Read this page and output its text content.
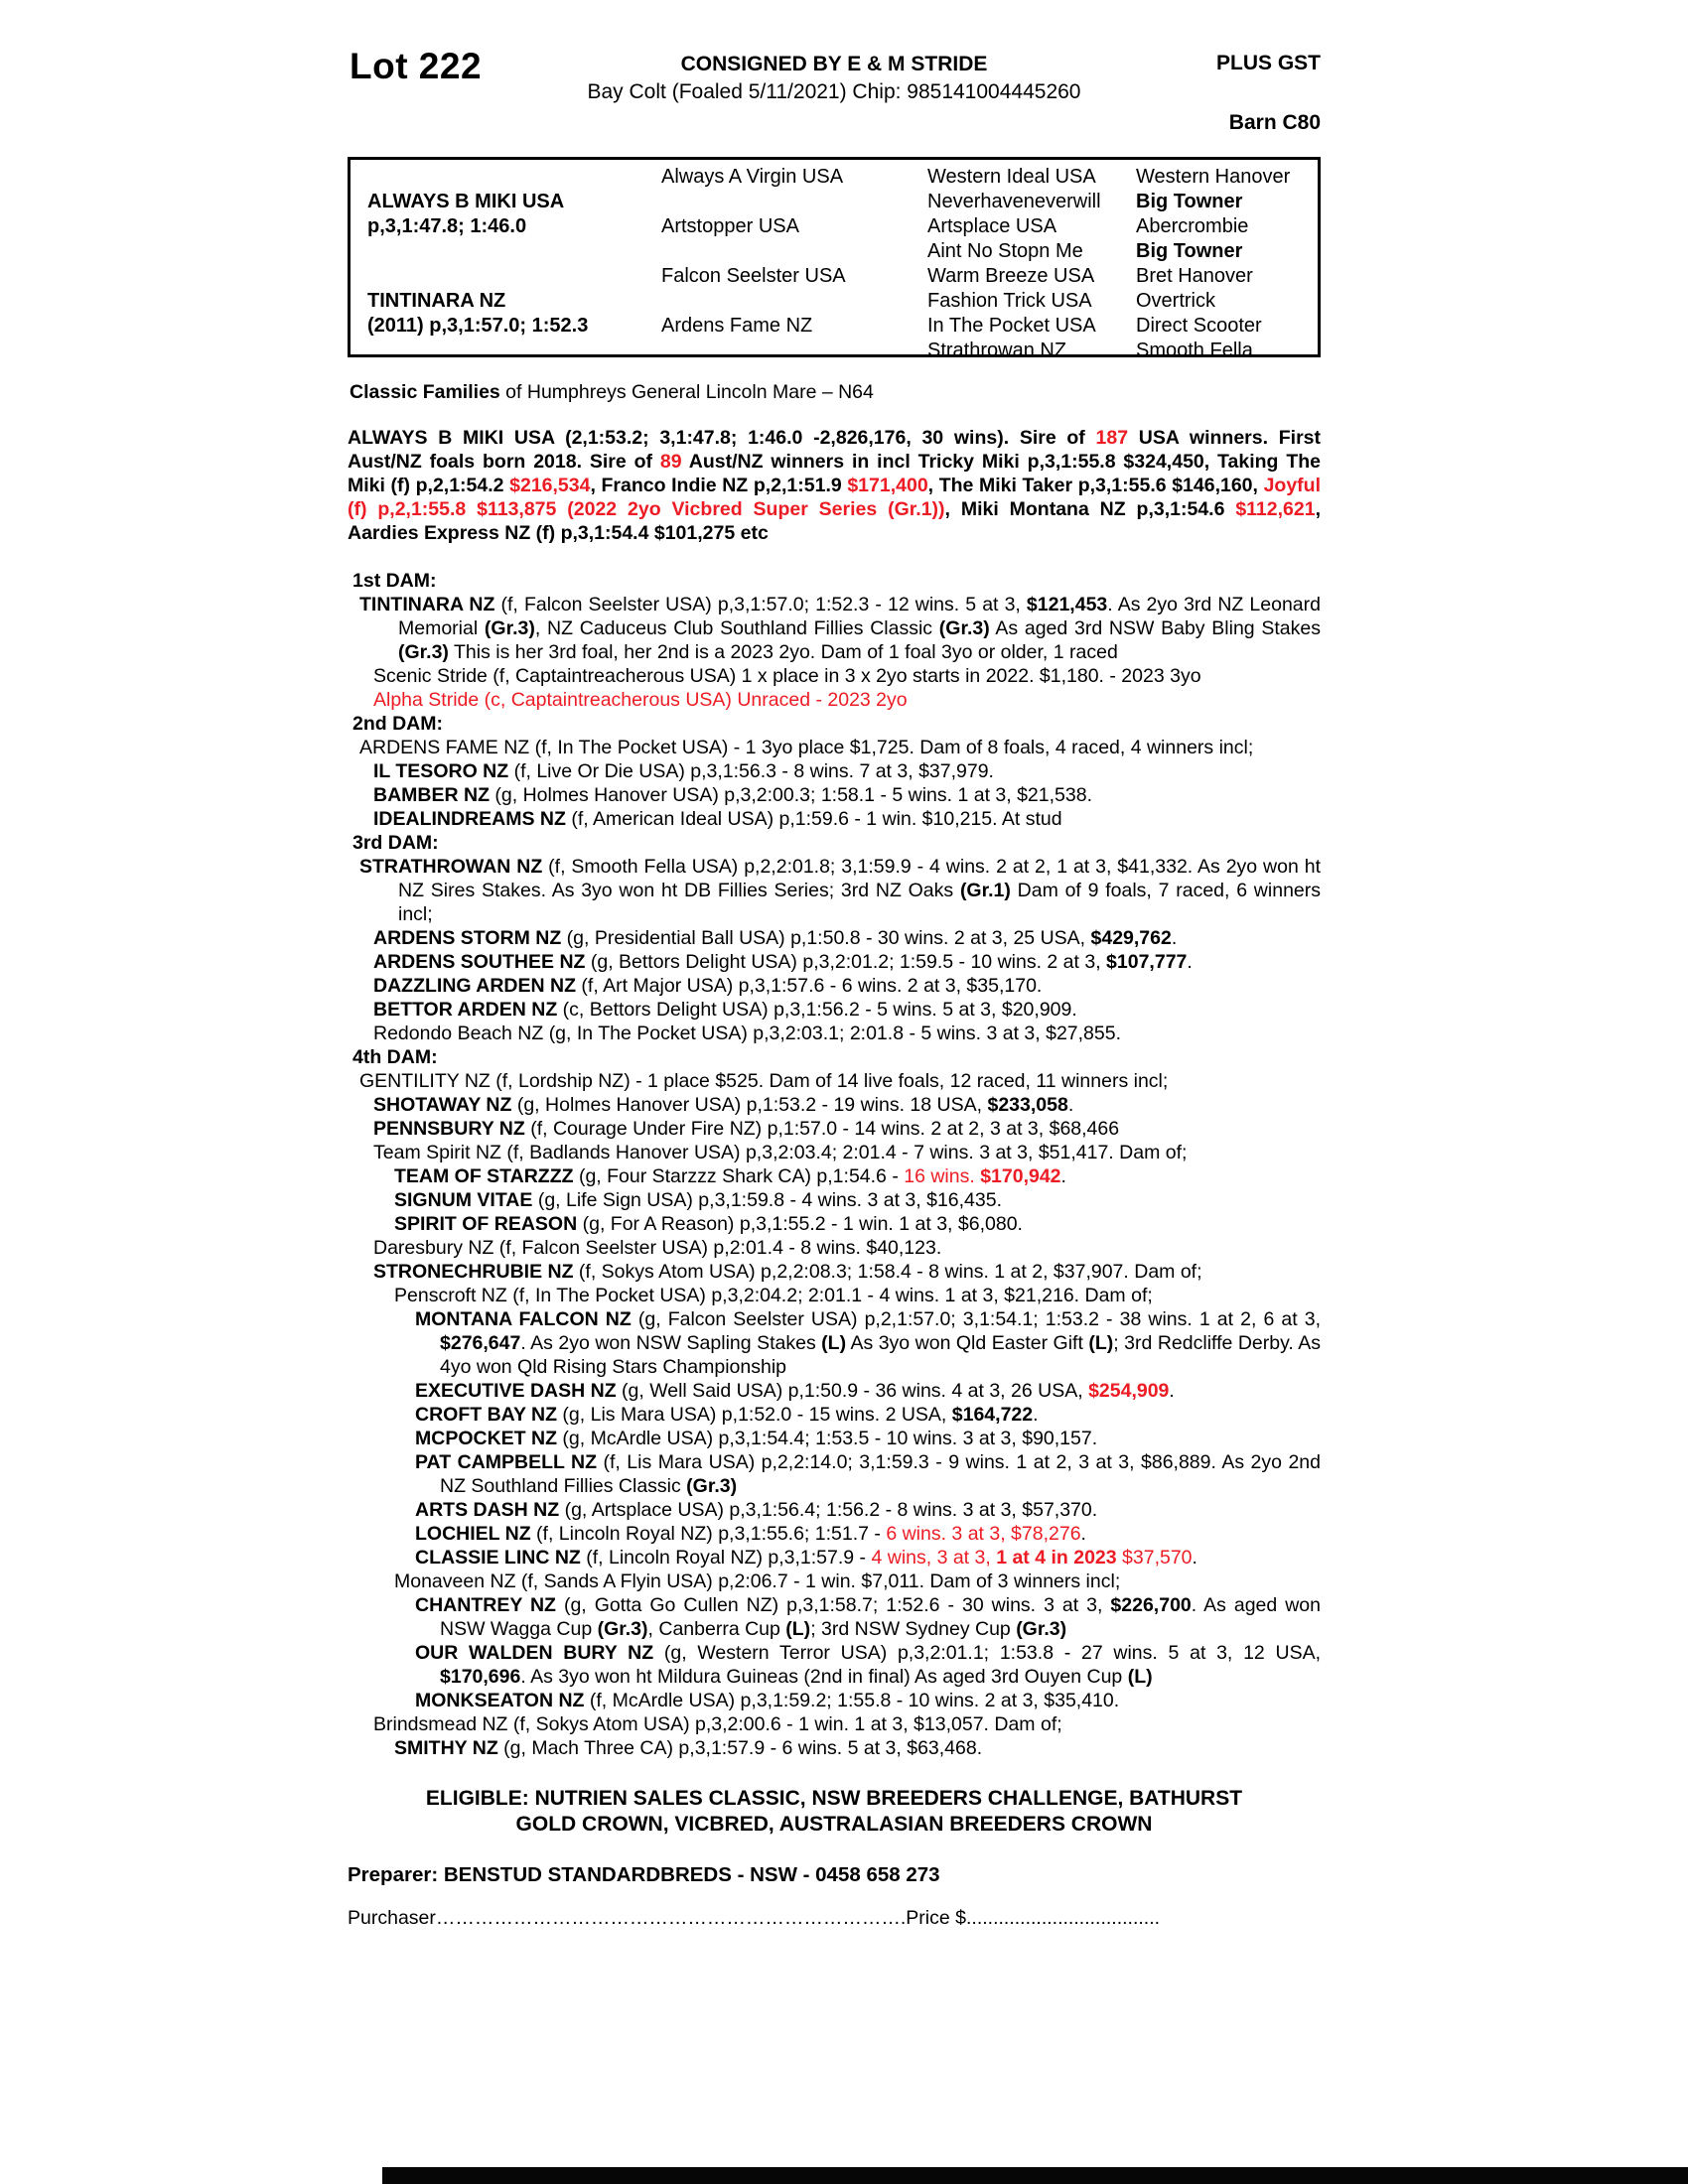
Lot 222	CONSIGNED BY E & M STRIDE	PLUS GST
Bay Colt (Foaled 5/11/2021) Chip: 985141004445260
Barn C80
ALWAYS B MIKI USA
p,3,1:47.8; 1:46.0
TINTINARA NZ
(2011) p,3,1:57.0; 1:52.3
Always A Virgin USA
Artstopper USA
Falcon Seelster USA
Ardens Fame NZ
Western Ideal USA
Neverhaveneverwill
Artsplace USA
Aint No Stopn Me
Warm Breeze USA
Fashion Trick USA
In The Pocket USA
Strathrowan NZ
Western Hanover
Big Towner
Abercrombie
Big Towner
Bret Hanover
Overtrick
Direct Scooter
Smooth Fella

Classic Families of Humphreys General Lincoln Mare – N64

ALWAYS B MIKI USA (2,1:53.2; 3,1:47.8; 1:46.0 -2,826,176, 30 wins). Sire of 187 USA winners. First Aust/NZ foals born 2018. Sire of 89 Aust/NZ winners in incl Tricky Miki p,3,1:55.8 $324,450, Taking The Miki (f) p,2,1:54.2 $216,534, Franco Indie NZ p,2,1:51.9 $171,400, The Miki Taker p,3,1:55.6 $146,160, Joyful (f) p,2,1:55.8 $113,875 (2022 2yo Vicbred Super Series (Gr.1)), Miki Montana NZ p,3,1:54.6 $112,621, Aardies Express NZ (f) p,3,1:54.4 $101,275 etc

1st DAM:

TINTINARA NZ (f, Falcon Seelster USA) p,3,1:57.0; 1:52.3 - 12 wins. 5 at 3, $121,453. As 2yo 3rd NZ Leonard Memorial (Gr.3), NZ Caduceus Club Southland Fillies Classic (Gr.3) As aged 3rd NSW Baby Bling Stakes (Gr.3) This is her 3rd foal, her 2nd is a 2023 2yo. Dam of 1 foal 3yo or older, 1 raced

Scenic Stride (f, Captaintreacherous USA) 1 x place in 3 x 2yo starts in 2022. $1,180. - 2023 3yo

Alpha Stride (c, Captaintreacherous USA) Unraced - 2023 2yo

2nd DAM:

ARDENS FAME NZ (f, In The Pocket USA) - 1 3yo place $1,725. Dam of 8 foals, 4 raced, 4 winners incl;

IL TESORO NZ (f, Live Or Die USA) p,3,1:56.3 - 8 wins. 7 at 3, $37,979.

BAMBER NZ (g, Holmes Hanover USA) p,3,2:00.3; 1:58.1 - 5 wins. 1 at 3, $21,538.

IDEALINDREAMS NZ (f, American Ideal USA) p,1:59.6 - 1 win. $10,215. At stud

3rd DAM:

STRATHROWAN NZ (f, Smooth Fella USA) p,2,2:01.8; 3,1:59.9 - 4 wins. 2 at 2, 1 at 3, $41,332. As 2yo won ht NZ Sires Stakes. As 3yo won ht DB Fillies Series; 3rd NZ Oaks (Gr.1) Dam of 9 foals, 7 raced, 6 winners incl;

ARDENS STORM NZ (g, Presidential Ball USA) p,1:50.8 - 30 wins. 2 at 3, 25 USA, $429,762.

ARDENS SOUTHEE NZ (g, Bettors Delight USA) p,3,2:01.2; 1:59.5 - 10 wins. 2 at 3, $107,777.

DAZZLING ARDEN NZ (f, Art Major USA) p,3,1:57.6 - 6 wins. 2 at 3, $35,170.

BETTOR ARDEN NZ (c, Bettors Delight USA) p,3,1:56.2 - 5 wins. 5 at 3, $20,909.

Redondo Beach NZ (g, In The Pocket USA) p,3,2:03.1; 2:01.8 - 5 wins. 3 at 3, $27,855.

4th DAM:

GENTILITY NZ (f, Lordship NZ) - 1 place $525. Dam of 14 live foals, 12 raced, 11 winners incl;

SHOTAWAY NZ (g, Holmes Hanover USA) p,1:53.2 - 19 wins. 18 USA, $233,058.

PENNSBURY NZ (f, Courage Under Fire NZ) p,1:57.0 - 14 wins. 2 at 2, 3 at 3, $68,466

Team Spirit NZ (f, Badlands Hanover USA) p,3,2:03.4; 2:01.4 - 7 wins. 3 at 3, $51,417. Dam of;

TEAM OF STARZZZ (g, Four Starzzz Shark CA) p,1:54.6 - 16 wins. $170,942.

SIGNUM VITAE (g, Life Sign USA) p,3,1:59.8 - 4 wins. 3 at 3, $16,435.

SPIRIT OF REASON (g, For A Reason) p,3,1:55.2 - 1 win. 1 at 3, $6,080.

Daresbury NZ (f, Falcon Seelster USA) p,2:01.4 - 8 wins. $40,123.

STRONECHRUBIE NZ (f, Sokys Atom USA) p,2,2:08.3; 1:58.4 - 8 wins. 1 at 2, $37,907. Dam of;

Penscroft NZ (f, In The Pocket USA) p,3,2:04.2; 2:01.1 - 4 wins. 1 at 3, $21,216. Dam of;

MONTANA FALCON NZ (g, Falcon Seelster USA) p,2,1:57.0; 3,1:54.1; 1:53.2 - 38 wins. 1 at 2, 6 at 3, $276,647. As 2yo won NSW Sapling Stakes (L) As 3yo won Qld Easter Gift (L); 3rd Redcliffe Derby. As 4yo won Qld Rising Stars Championship

EXECUTIVE DASH NZ (g, Well Said USA) p,1:50.9 - 36 wins. 4 at 3, 26 USA, $254,909.

CROFT BAY NZ (g, Lis Mara USA) p,1:52.0 - 15 wins. 2 USA, $164,722.

MCPOCKET NZ (g, McArdle USA) p,3,1:54.4; 1:53.5 - 10 wins. 3 at 3, $90,157.

PAT CAMPBELL NZ (f, Lis Mara USA) p,2,2:14.0; 3,1:59.3 - 9 wins. 1 at 2, 3 at 3, $86,889. As 2yo 2nd NZ Southland Fillies Classic (Gr.3)

ARTS DASH NZ (g, Artsplace USA) p,3,1:56.4; 1:56.2 - 8 wins. 3 at 3, $57,370.

LOCHIEL NZ (f, Lincoln Royal NZ) p,3,1:55.6; 1:51.7 - 6 wins. 3 at 3, $78,276.

CLASSIE LINC NZ (f, Lincoln Royal NZ) p,3,1:57.9 - 4 wins, 3 at 3, 1 at 4 in 2023 $37,570.

Monaveen NZ (f, Sands A Flyin USA) p,2:06.7 - 1 win. $7,011. Dam of 3 winners incl;

CHANTREY NZ (g, Gotta Go Cullen NZ) p,3,1:58.7; 1:52.6 - 30 wins. 3 at 3, $226,700. As aged won NSW Wagga Cup (Gr.3), Canberra Cup (L); 3rd NSW Sydney Cup (Gr.3)

OUR WALDEN BURY NZ (g, Western Terror USA) p,3,2:01.1; 1:53.8 - 27 wins. 5 at 3, 12 USA, $170,696. As 3yo won ht Mildura Guineas (2nd in final) As aged 3rd Ouyen Cup (L)

MONKSEATON NZ (f, McArdle USA) p,3,1:59.2; 1:55.8 - 10 wins. 2 at 3, $35,410.

Brindsmead NZ (f, Sokys Atom USA) p,3,2:00.6 - 1 win. 1 at 3, $13,057. Dam of;

SMITHY NZ (g, Mach Three CA) p,3,1:57.9 - 6 wins. 5 at 3, $63,468.

ELIGIBLE: NUTRIEN SALES CLASSIC, NSW BREEDERS CHALLENGE, BATHURST GOLD CROWN, VICBRED, AUSTRALASIAN BREEDERS CROWN
Preparer: BENSTUD STANDARDBREDS - NSW - 0458 658 273
Purchaser……………………………………………………………….Price $....................................
